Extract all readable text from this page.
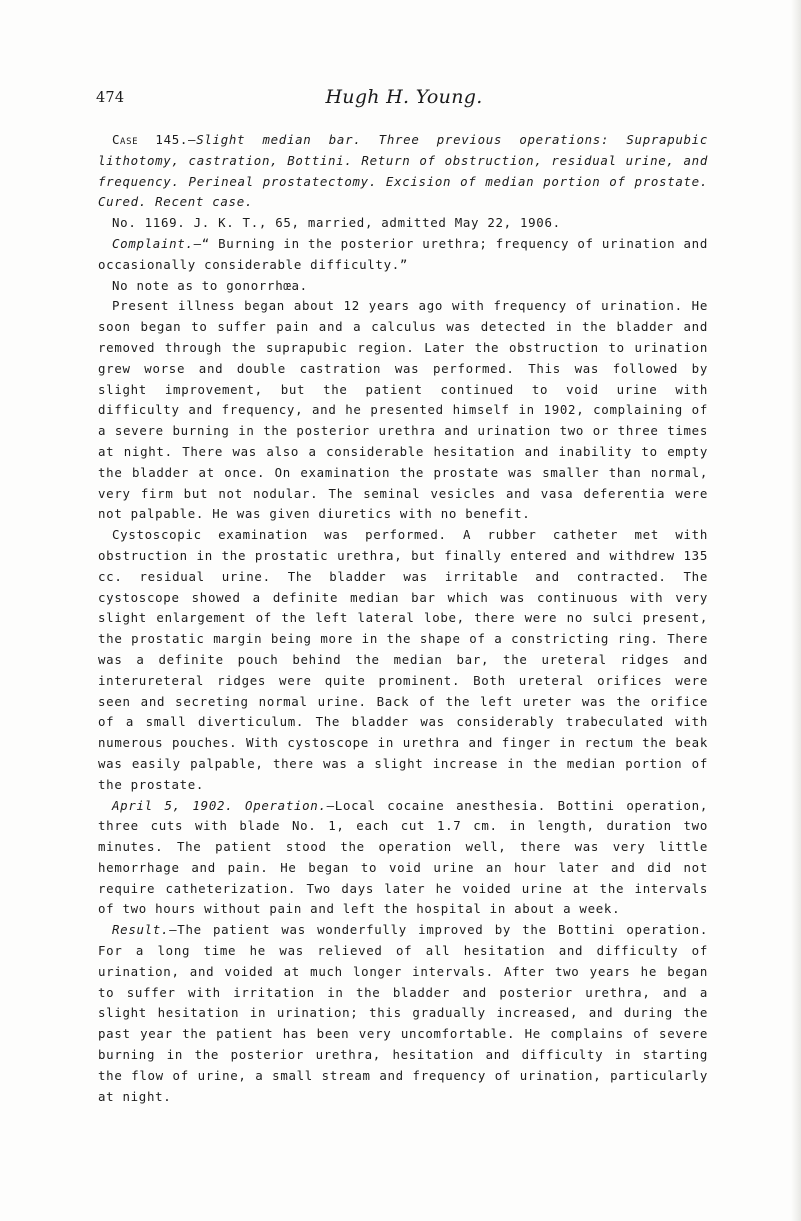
474	Hugh H. Young.

Case 145.—Slight median bar. Three previous operations: Suprapubic lithotomy, castration, Bottini. Return of obstruction, residual urine, and frequency. Perineal prostatectomy. Excision of median portion of prostate. Cured. Recent case.

No. 1169. J. K. T., 65, married, admitted May 22, 1906.

Complaint.—“ Burning in the posterior urethra; frequency of urination and occasionally considerable difficulty.”

No note as to gonorrhœa.

Present illness began about 12 years ago with frequency of urination. He soon began to suffer pain and a calculus was detected in the bladder and removed through the suprapubic region. Later the obstruction to urination grew worse and double castration was performed. This was followed by slight improvement, but the patient continued to void urine with difficulty and frequency, and he presented himself in 1902, complaining of a severe burning in the posterior urethra and urination two or three times at night. There was also a considerable hesitation and inability to empty the bladder at once. On examination the prostate was smaller than normal, very firm but not nodular. The seminal vesicles and vasa deferentia were not palpable. He was given diuretics with no benefit.

Cystoscopic examination was performed. A rubber catheter met with obstruction in the prostatic urethra, but finally entered and withdrew 135 cc. residual urine. The bladder was irritable and contracted. The cystoscope showed a definite median bar which was continuous with very slight enlargement of the left lateral lobe, there were no sulci present, the prostatic margin being more in the shape of a constricting ring. There was a definite pouch behind the median bar, the ureteral ridges and interureteral ridges were quite prominent. Both ureteral orifices were seen and secreting normal urine. Back of the left ureter was the orifice of a small diverticulum. The bladder was considerably trabeculated with numerous pouches. With cystoscope in urethra and finger in rectum the beak was easily palpable, there was a slight increase in the median portion of the prostate.

April 5, 1902. Operation.—Local cocaine anesthesia. Bottini operation, three cuts with blade No. 1, each cut 1.7 cm. in length, duration two minutes. The patient stood the operation well, there was very little hemorrhage and pain. He began to void urine an hour later and did not require catheterization. Two days later he voided urine at the intervals of two hours without pain and left the hospital in about a week.

Result.—The patient was wonderfully improved by the Bottini operation. For a long time he was relieved of all hesitation and difficulty of urination, and voided at much longer intervals. After two years he began to suffer with irritation in the bladder and posterior urethra, and a slight hesitation in urination; this gradually increased, and during the past year the patient has been very uncomfortable. He complains of severe burning in the posterior urethra, hesitation and difficulty in starting the flow of urine, a small stream and frequency of urination, particularly at night.
